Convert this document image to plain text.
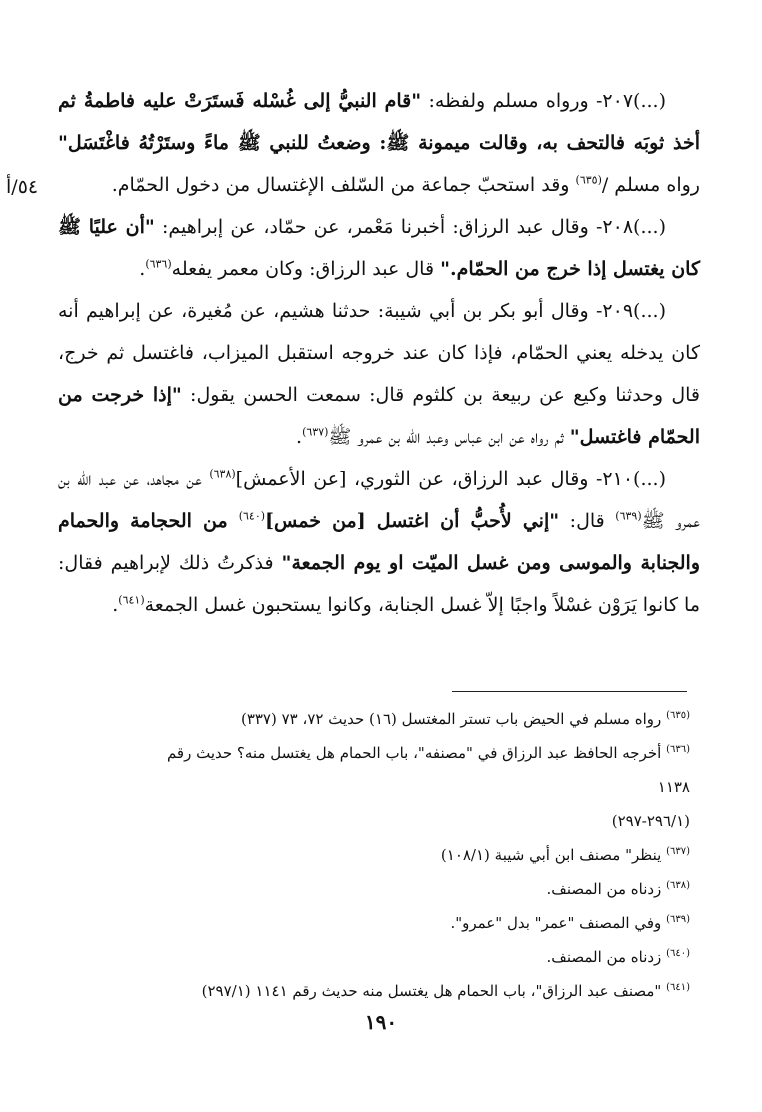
(...)٢٠٧- ورواه مسلم ولفظه: "قام النبيُّ إلى غُسْله فَستَرَتْ عليه فاطمةُ ثم أخذ ثوبَه فالتحف به، وقالت ميمونة ﷺ: وضعتُ للنبي ﷺ ماءً وستَرْتُهُ فاغْتَسَل" رواه مسلم /$^{(٦٣٥)}$ وقد استحبّ جماعة من السّلف الإغتسال من دخول الحمّام.

(...)٢٠٨- وقال عبد الرزاق: أخبرنا مَعْمر، عن حمّاد، عن إبراهيم: "أن عليًا ﷺ كان يغتسل إذا خرج من الحمّام." قال عبد الرزاق: وكان معمر يفعله$^{(٦٣٦)}$.

(...)٢٠٩- وقال أبو بكر بن أبي شيبة: حدثنا هشيم، عن مُغيرة، عن إبراهيم أنه كان يدخله يعني الحمّام، فإذا كان عند خروجه استقبل الميزاب، فاغتسل ثم خرج، قال وحدثنا وكيع عن ربيعة بن كلثوم قال: سمعت الحسن يقول: "إذا خرجت من الحمّام فاغتسل" ثم رواه عن ابن عباس وعبد الله بن عمرو ﷺ$^{(٦٣٧)}$.

(...)٢١٠- وقال عبد الرزاق، عن الثوري، [عن الأعمش]$^{(٦٣٨)}$ عن مجاهد، عن عبد الله بن عمرو ﷺ$^{(٦٣٩)}$ قال: "إني لأُحبُّ أن اغتسل [من خمس]$^{(٦٤٠)}$ من الحجامة والحمام والجنابة والموسى ومن غسل الميّت او يوم الجمعة" فذكرتُ ذلك لإبراهيم فقال: ما كانوا يَرَوْن غسْلاً واجبًا إلاّ غسل الجنابة، وكانوا يستحبون غسل الجمعة$^{(٦٤١)}$.

٥٤/أ

$^{(٦٣٥)}$ رواه مسلم في الحيض باب تستر المغتسل (١٦) حديث ٧٢، ٧٣ (٣٣٧)

$^{(٦٣٦)}$ أخرجه الحافظ عبد الرزاق في "مصنفه"، باب الحمام هل يغتسل منه؟ حديث رقم ١١٣٨

(٢٩٦/١-٢٩٧)

$^{(٦٣٧)}$ ينظر" مصنف ابن أبي شيبة (١٠٨/١)

$^{(٦٣٨)}$ زدناه من المصنف.

$^{(٦٣٩)}$ وفي المصنف "عمر" بدل "عمرو".

$^{(٦٤٠)}$ زدناه من المصنف.

$^{(٦٤١)}$ "مصنف عبد الرزاق"، باب الحمام هل يغتسل منه حديث رقم ١١٤١ (٢٩٧/١)

١٩٠
